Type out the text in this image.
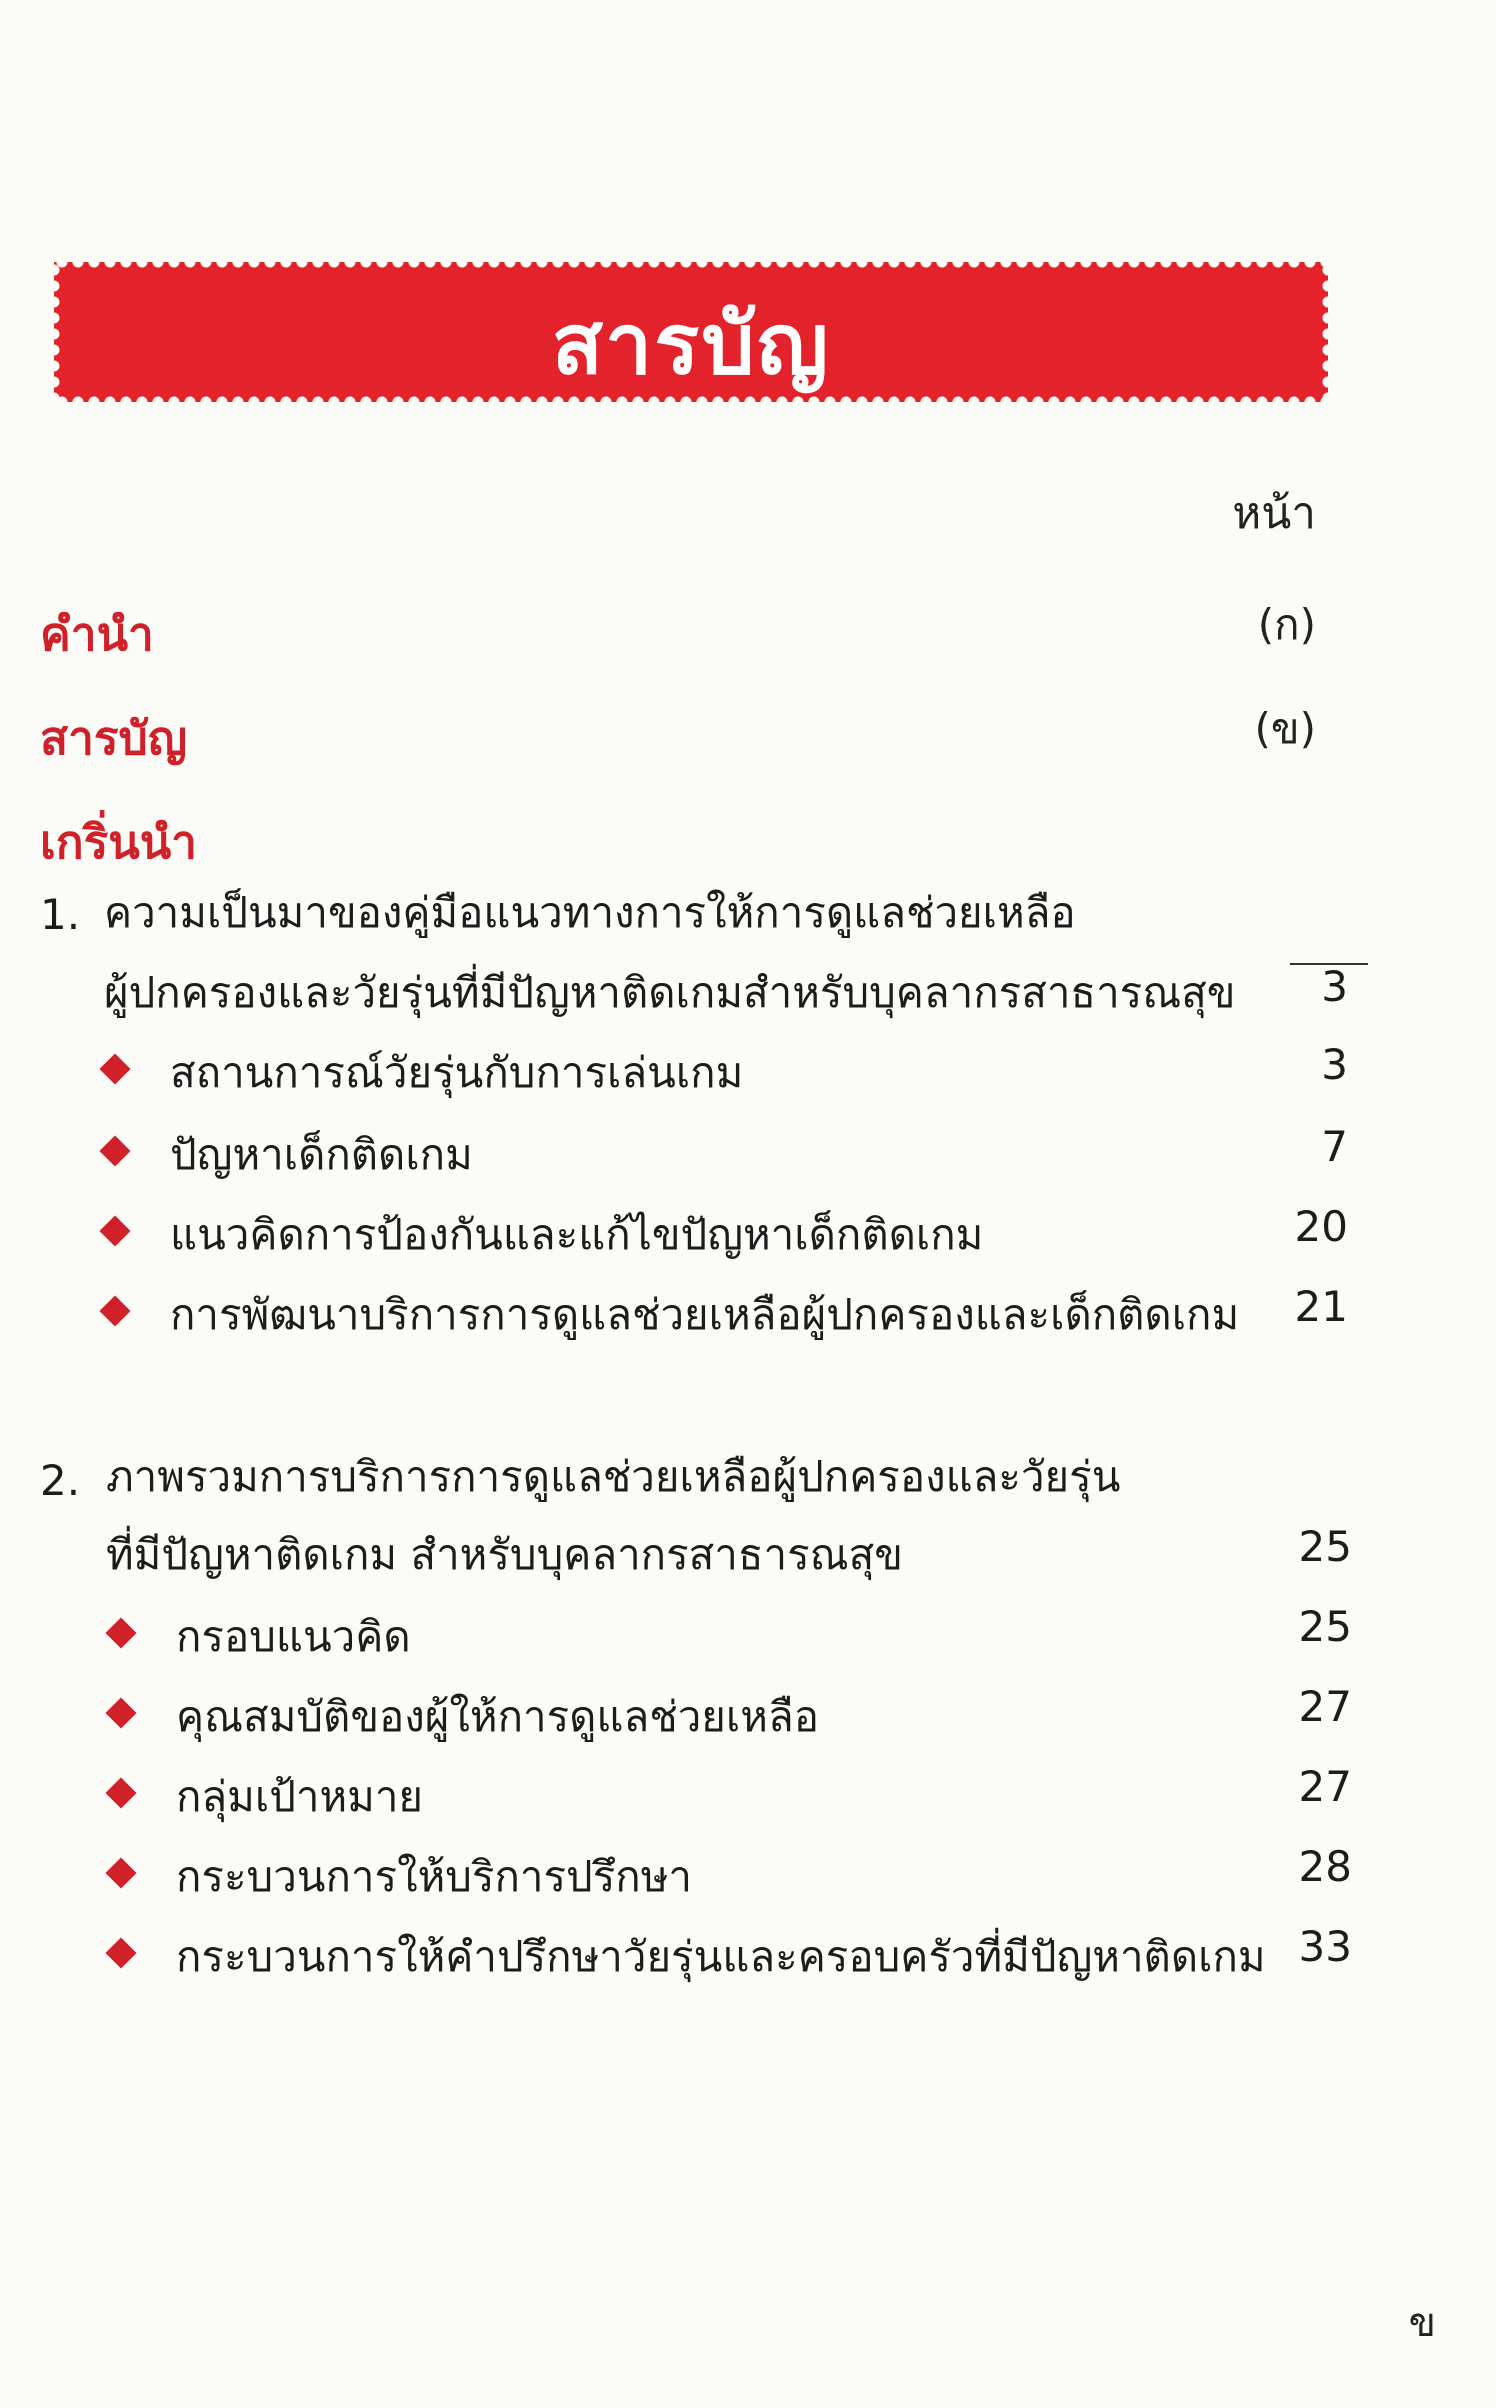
สารบัญ
หน้า
คำนำ	(ก)
สารบัญ	(ข)
เกริ่นนำ
1. ความเป็นมาของคู่มือแนวทางการให้การดูแลช่วยเหลือ
ผู้ปกครองและวัยรุ่นที่มีปัญหาติดเกมสำหรับบุคลากรสาธารณสุข	3
สถานการณ์วัยรุ่นกับการเล่นเกม	3
ปัญหาเด็กติดเกม	7
แนวคิดการป้องกันและแก้ไขปัญหาเด็กติดเกม	20
การพัฒนาบริการการดูแลช่วยเหลือผู้ปกครองและเด็กติดเกม	21
2. ภาพรวมการบริการการดูแลช่วยเหลือผู้ปกครองและวัยรุ่น
ที่มีปัญหาติดเกม สำหรับบุคลากรสาธารณสุข	25
กรอบแนวคิด	25
คุณสมบัติของผู้ให้การดูแลช่วยเหลือ	27
กลุ่มเป้าหมาย	27
กระบวนการให้บริการปรึกษา	28
กระบวนการให้คำปรึกษาวัยรุ่นและครอบครัวที่มีปัญหาติดเกม 33
ข
